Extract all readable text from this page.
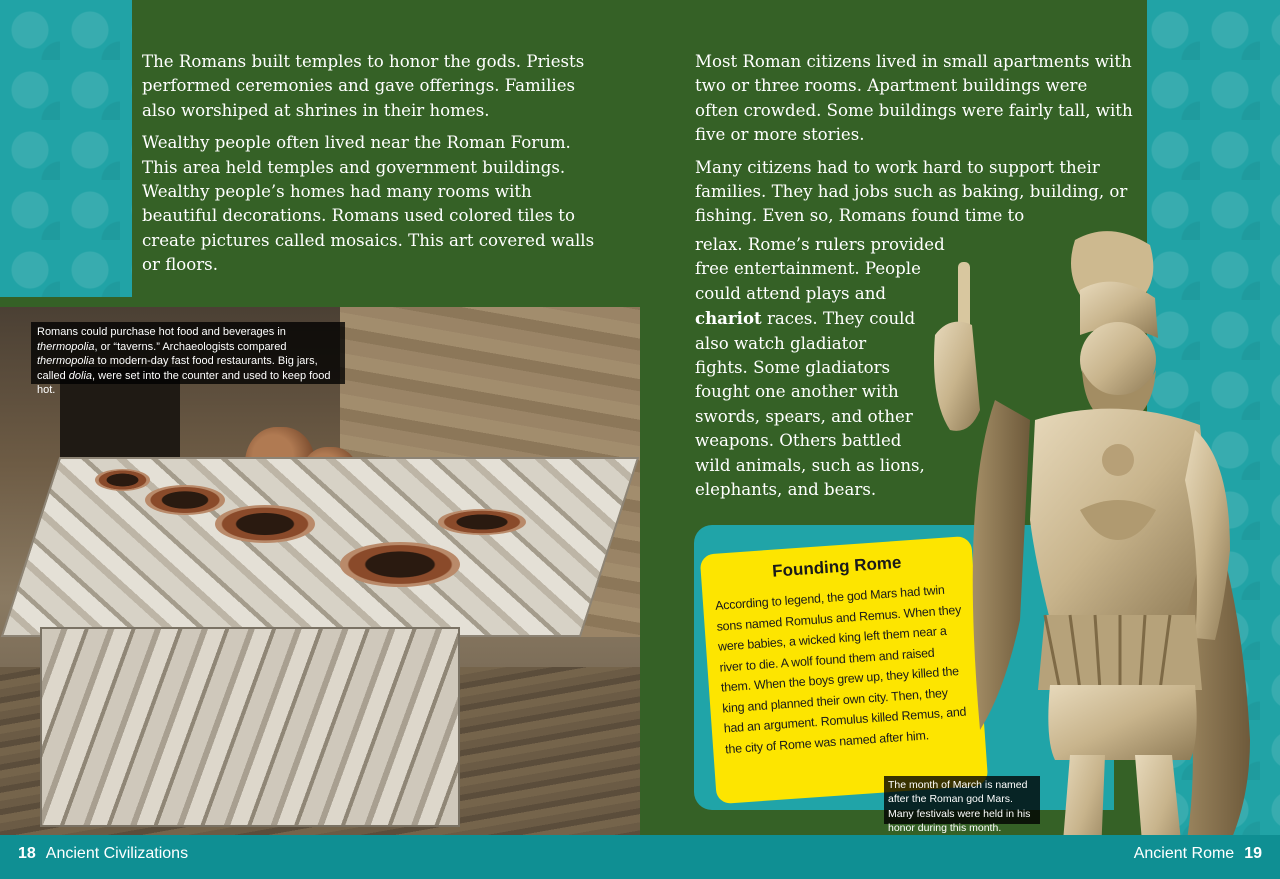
The Romans built temples to honor the gods. Priests performed ceremonies and gave offerings. Families also worshiped at shrines in their homes.

Wealthy people often lived near the Roman Forum. This area held temples and government buildings. Wealthy people’s homes had many rooms with beautiful decorations. Romans used colored tiles to create pictures called mosaics. This art covered walls or floors.

Most Roman citizens lived in small apartments with two or three rooms. Apartment buildings were often crowded. Some buildings were fairly tall, with five or more stories.

Many citizens had to work hard to support their families. They had jobs such as baking, building, or fishing. Even so, Romans found time to

relax. Rome’s rulers provided
free entertainment. People
could attend plays and
chariot races. They could
also watch gladiator
fights. Some gladiators
fought one another with
swords, spears, and other
weapons. Others battled
wild animals, such as lions,
elephants, and bears.
Romans could purchase hot food and beverages in thermopolia, or “taverns.” Archaeologists compared thermopolia to modern-day fast food restaurants. Big jars, called dolia, were set into the counter and used to keep food hot.
Founding Rome
According to legend, the god Mars had twin sons named Romulus and Remus. When they were babies, a wicked king left them near a river to die. A wolf found them and raised them. When the boys grew up, they killed the king and planned their own city. Then, they had an argument. Romulus killed Remus, and the city of Rome was named after him.
The month of March is named after the Roman god Mars. Many festivals were held in his honor during this month.
18 Ancient Civilizations	Ancient Rome 19
